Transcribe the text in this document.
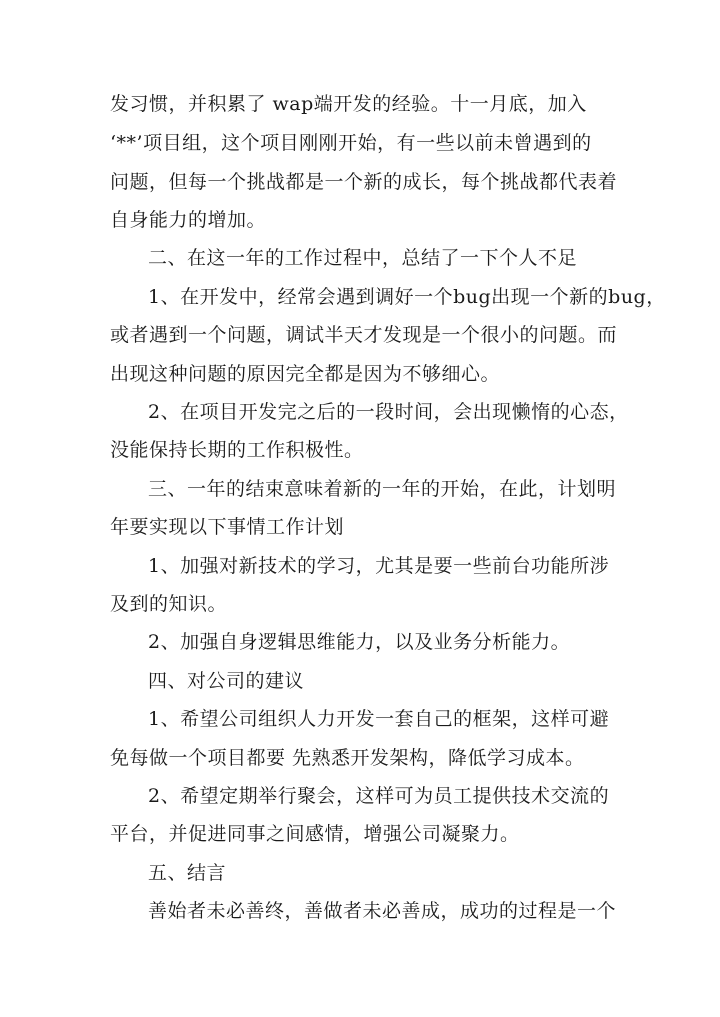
发习惯，并积累了 wap端开发的经验。十一月底，加入
‘**’项目组，这个项目刚刚开始，有一些以前未曾遇到的
问题，但每一个挑战都是一个新的成长，每个挑战都代表着
自身能力的增加。
二、在这一年的工作过程中，总结了一下个人不足
1、在开发中，经常会遇到调好一个bug出现一个新的bug，
或者遇到一个问题，调试半天才发现是一个很小的问题。而
出现这种问题的原因完全都是因为不够细心。
2、在项目开发完之后的一段时间，会出现懒惰的心态，
没能保持长期的工作积极性。
三、一年的结束意味着新的一年的开始，在此，计划明
年要实现以下事情工作计划
1、加强对新技术的学习，尤其是要一些前台功能所涉
及到的知识。
2、加强自身逻辑思维能力，以及业务分析能力。
四、对公司的建议
1、希望公司组织人力开发一套自己的框架，这样可避
免每做一个项目都要 先熟悉开发架构，降低学习成本。
2、希望定期举行聚会，这样可为员工提供技术交流的
平台，并促进同事之间感情，增强公司凝聚力。
五、结言
善始者未必善终，善做者未必善成，成功的过程是一个
